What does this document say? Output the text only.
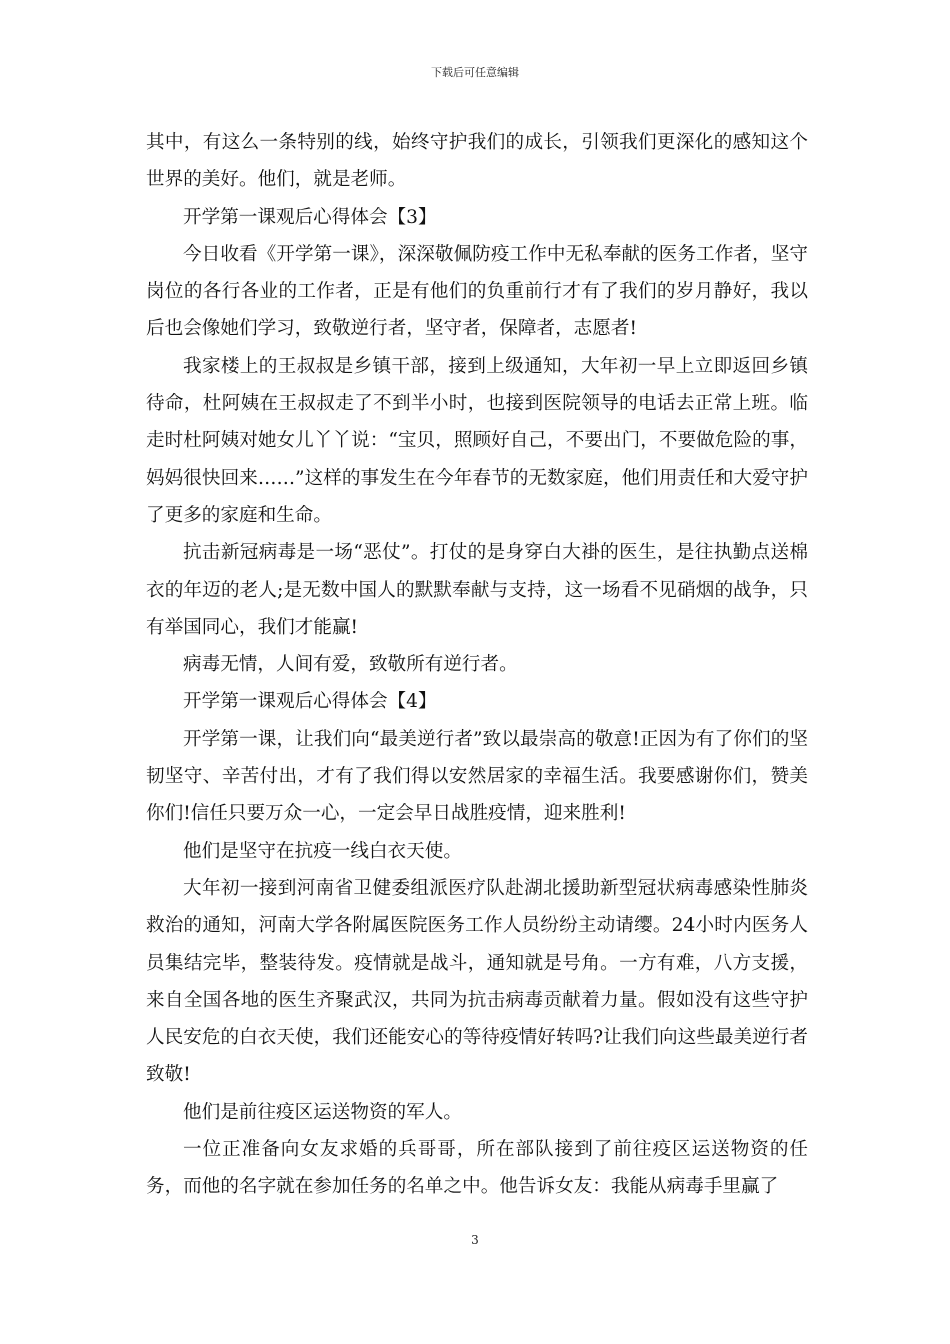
下载后可任意编辑

其中，有这么一条特别的线，始终守护我们的成长，引领我们更深化的感知这个世界的美好。他们，就是老师。

开学第一课观后心得体会【3】

今日收看《开学第一课》，深深敬佩防疫工作中无私奉献的医务工作者，坚守岗位的各行各业的工作者，正是有他们的负重前行才有了我们的岁月静好，我以后也会像她们学习，致敬逆行者，坚守者，保障者，志愿者!

我家楼上的王叔叔是乡镇干部，接到上级通知，大年初一早上立即返回乡镇待命，杜阿姨在王叔叔走了不到半小时，也接到医院领导的电话去正常上班。临走时杜阿姨对她女儿丫丫说：“宝贝，照顾好自己，不要出门，不要做危险的事，妈妈很快回来……”这样的事发生在今年春节的无数家庭，他们用责任和大爱守护了更多的家庭和生命。

抗击新冠病毒是一场“恶仗”。打仗的是身穿白大褂的医生，是往执勤点送棉衣的年迈的老人;是无数中国人的默默奉献与支持，这一场看不见硝烟的战争，只有举国同心，我们才能赢!

病毒无情，人间有爱，致敬所有逆行者。

开学第一课观后心得体会【4】

开学第一课，让我们向“最美逆行者”致以最崇高的敬意!正因为有了你们的坚韧坚守、辛苦付出，才有了我们得以安然居家的幸福生活。我要感谢你们，赞美你们!信任只要万众一心，一定会早日战胜疫情，迎来胜利!

他们是坚守在抗疫一线白衣天使。

大年初一接到河南省卫健委组派医疗队赴湖北援助新型冠状病毒感染性肺炎救治的通知，河南大学各附属医院医务工作人员纷纷主动请缨。24小时内医务人员集结完毕，整装待发。疫情就是战斗，通知就是号角。一方有难，八方支援，来自全国各地的医生齐聚武汉，共同为抗击病毒贡献着力量。假如没有这些守护人民安危的白衣天使，我们还能安心的等待疫情好转吗?让我们向这些最美逆行者致敬!

他们是前往疫区运送物资的军人。

一位正准备向女友求婚的兵哥哥，所在部队接到了前往疫区运送物资的任务，而他的名字就在参加任务的名单之中。他告诉女友：我能从病毒手里赢了

3
